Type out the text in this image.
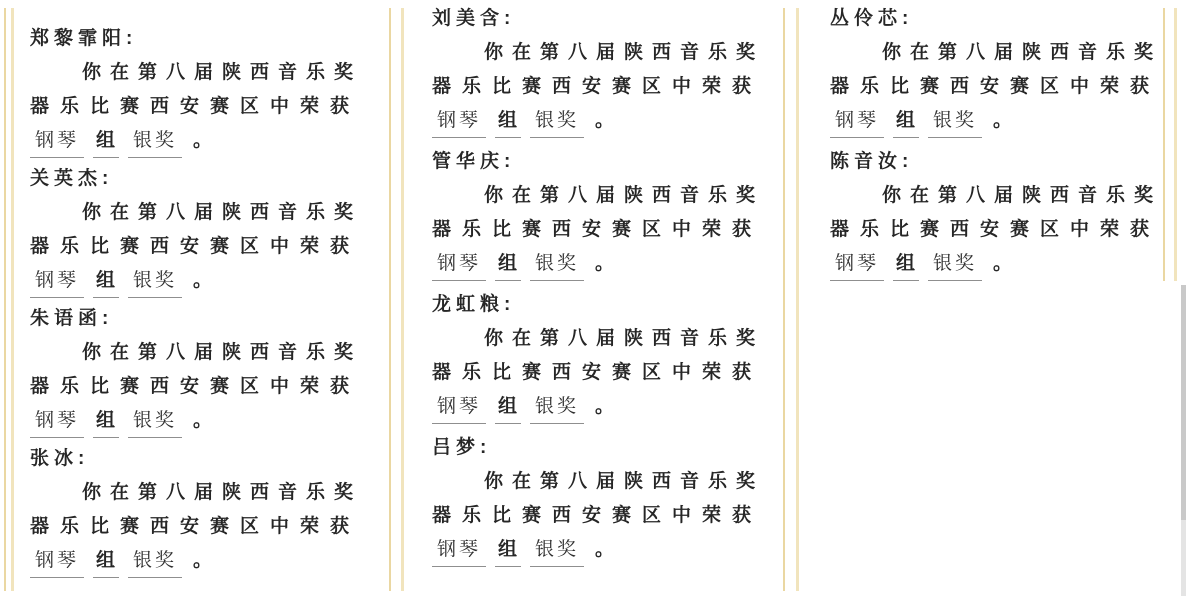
郑黎霏阳:
你在第八届陕西音乐奖
器乐比赛西安赛区中荣获
钢琴 组 银奖 。
关英杰:
你在第八届陕西音乐奖
器乐比赛西安赛区中荣获
钢琴 组 银奖 。
朱语函:
你在第八届陕西音乐奖
器乐比赛西安赛区中荣获
钢琴 组 银奖 。
张冰:
你在第八届陕西音乐奖
器乐比赛西安赛区中荣获
钢琴 组 银奖 。
刘美含:
你在第八届陕西音乐奖
器乐比赛西安赛区中荣获
钢琴 组 银奖 。
管华庆:
你在第八届陕西音乐奖
器乐比赛西安赛区中荣获
钢琴 组 银奖 。
龙虹粮:
你在第八届陕西音乐奖
器乐比赛西安赛区中荣获
钢琴 组 银奖 。
吕梦:
你在第八届陕西音乐奖
器乐比赛西安赛区中荣获
钢琴 组 银奖 。
丛伶芯:
你在第八届陕西音乐奖
器乐比赛西安赛区中荣获
钢琴 组 银奖 。
陈音汝:
你在第八届陕西音乐奖
器乐比赛西安赛区中荣获
钢琴 组 银奖 。
